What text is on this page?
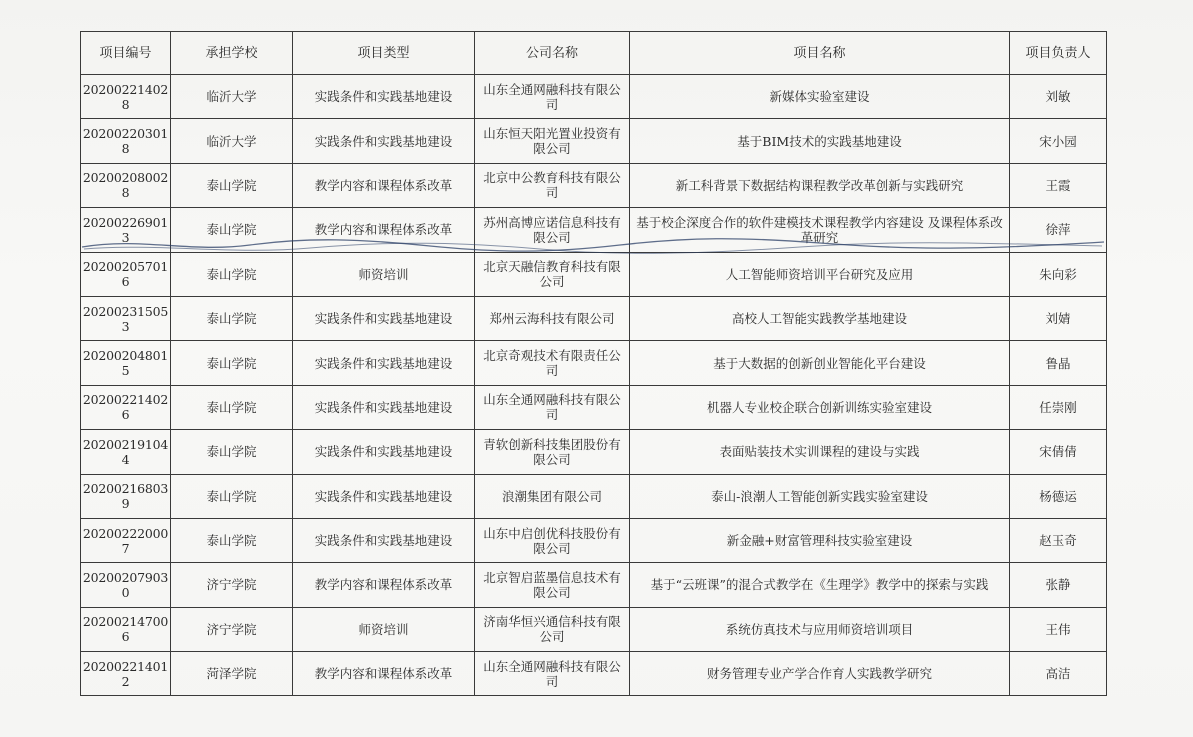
项目编号	承担学校	项目类型	公司名称	项目名称	项目负责人
202002214028	临沂大学	实践条件和实践基地建设	山东全通网融科技有限公司	新媒体实验室建设	刘敏
202002203018	临沂大学	实践条件和实践基地建设	山东恒天阳光置业投资有限公司	基于BIM技术的实践基地建设	宋小园
202002080028	泰山学院	教学内容和课程体系改革	北京中公教育科技有限公司	新工科背景下数据结构课程教学改革创新与实践研究	王霞
202002269013	泰山学院	教学内容和课程体系改革	苏州高博应诺信息科技有限公司	基于校企深度合作的软件建模技术课程教学内容建设 及课程体系改革研究	徐萍
202002057016	泰山学院	师资培训	北京天融信教育科技有限公司	人工智能师资培训平台研究及应用	朱向彩
202002315053	泰山学院	实践条件和实践基地建设	郑州云海科技有限公司	高校人工智能实践教学基地建设	刘婧
202002048015	泰山学院	实践条件和实践基地建设	北京奇观技术有限责任公司	基于大数据的创新创业智能化平台建设	鲁晶
202002214026	泰山学院	实践条件和实践基地建设	山东全通网融科技有限公司	机器人专业校企联合创新训练实验室建设	任崇刚
202002191044	泰山学院	实践条件和实践基地建设	青软创新科技集团股份有限公司	表面贴装技术实训课程的建设与实践	宋倩倩
202002168039	泰山学院	实践条件和实践基地建设	浪潮集团有限公司	泰山-浪潮人工智能创新实践实验室建设	杨德运
202002220007	泰山学院	实践条件和实践基地建设	山东中启创优科技股份有限公司	新金融+财富管理科技实验室建设	赵玉奇
202002079030	济宁学院	教学内容和课程体系改革	北京智启蓝墨信息技术有限公司	基于“云班课”的混合式教学在《生理学》教学中的探索与实践	张静
202002147006	济宁学院	师资培训	济南华恒兴通信科技有限公司	系统仿真技术与应用师资培训项目	王伟
202002214012	菏泽学院	教学内容和课程体系改革	山东全通网融科技有限公司	财务管理专业产学合作育人实践教学研究	高洁
